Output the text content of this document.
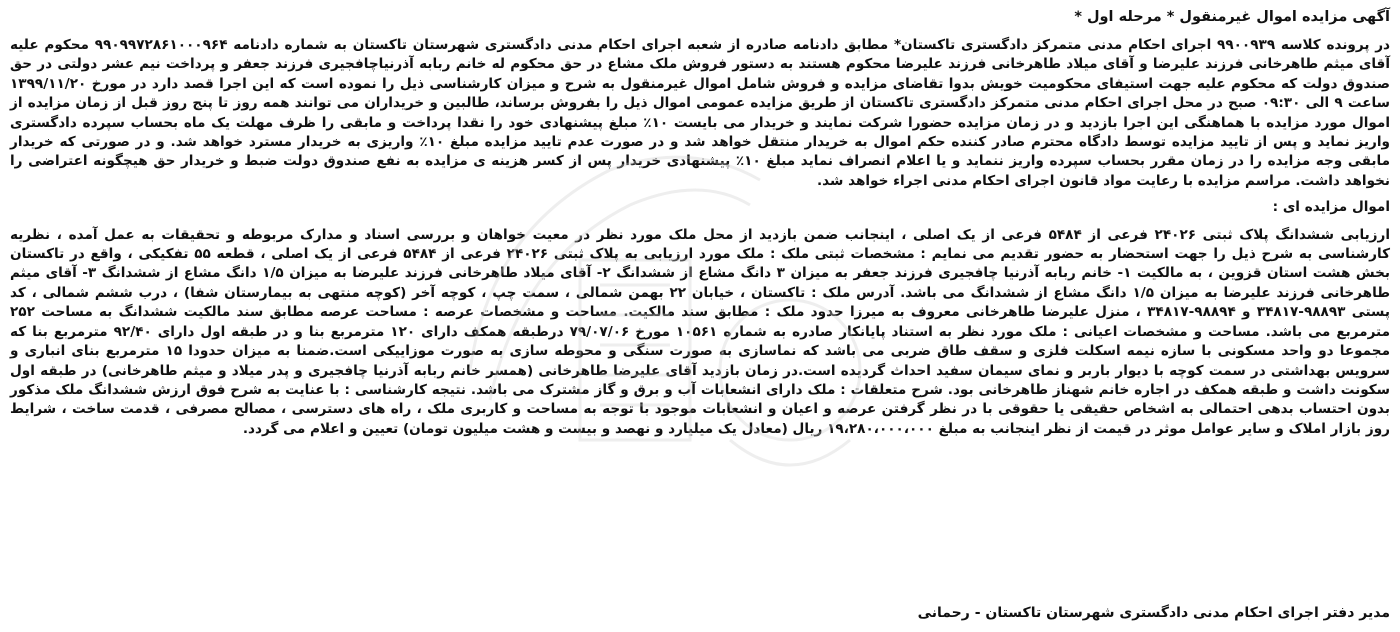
آگهی مزایده اموال غیرمنقول * مرحله اول *

در پرونده کلاسه ۹۹۰۰۹۳۹ اجرای احکام مدنی متمرکز دادگستری تاکستان* مطابق دادنامه صادره از شعبه اجرای احکام مدنی دادگستری شهرستان تاکستان به شماره دادنامه ۹۹۰۹۹۷۲۸۶۱۰۰۰۹۶۴ محکوم علیه آقای میثم طاهرخانی فرزند علیرضا و آقای میلاد طاهرخانی فرزند علیرضا محکوم هستند به دستور فروش ملک مشاع در حق محکوم له خانم ربابه آذرنیاچافجیری فرزند جعفر و پرداخت نیم عشر دولتی در حق صندوق دولت که محکوم علیه جهت استیفای محکومیت خویش بدوا تقاضای مزایده و فروش شامل اموال غیرمنقول به شرح و میزان کارشناسی ذیل را نموده است که این اجرا قصد دارد در مورخ ۱۳۹۹/۱۱/۲۰ ساعت ۹ الی ۰۹:۳۰ صبح در محل اجرای احکام مدنی متمرکز دادگستری تاکستان از طریق مزایده عمومی اموال ذیل را بفروش برساند، طالبین و خریداران می توانند همه روز تا پنج روز قبل از زمان مزایده از اموال مورد مزایده با هماهنگی این اجرا بازدید و در زمان مزایده حضورا شرکت نمایند و خریدار می بایست ۱۰٪ مبلغ پیشنهادی خود را نقدا پرداخت و مابقی را ظرف مهلت یک ماه بحساب سپرده دادگستری واریز نماید و پس از تایید مزایده توسط دادگاه محترم صادر کننده حکم اموال به خریدار منتقل خواهد شد و در صورت عدم تایید مزایده مبلغ ۱۰٪ واریزی به خریدار مسترد خواهد شد. و در صورتی که خریدار مابقی وجه مزایده را در زمان مقرر بحساب سپرده واریز ننماید و یا اعلام انصراف نماید مبلغ ۱۰٪ پیشنهادی خریدار پس از کسر هزینه ی مزایده به نفع صندوق دولت ضبط و خریدار حق هیچگونه اعتراضی را نخواهد داشت. مراسم مزایده با رعایت مواد قانون اجرای احکام مدنی اجراء خواهد شد.

اموال مزایده ای :

ارزیابی ششدانگ پلاک ثبتی ۲۴۰۲۶ فرعی از ۵۴۸۴ فرعی از یک اصلی ، اینجانب ضمن بازدید از محل ملک مورد نظر در معیت خواهان و بررسی اسناد و مدارک مربوطه و تحقیقات به عمل آمده ، نظریه کارشناسی به شرح ذیل را جهت استحضار به حضور تقدیم می نمایم : مشخصات ثبتی ملک : ملک مورد ارزیابی به پلاک ثبتی ۲۴۰۲۶ فرعی از ۵۴۸۴ فرعی از یک اصلی ، قطعه ۵۵ تفکیکی ، واقع در تاکستان بخش هشت استان قزوین ، به مالکیت ۱- خانم ربابه آذرنیا چافجیری فرزند جعفر به میزان ۳ دانگ مشاع از ششدانگ ۲- آقای میلاد طاهرخانی فرزند علیرضا به میزان ۱/۵ دانگ مشاع از ششدانگ ۳- آقای میثم طاهرخانی فرزند علیرضا به میزان ۱/۵ دانگ مشاع از ششدانگ می باشد. آدرس ملک : تاکستان ، خیابان ۲۲ بهمن شمالی ، سمت چپ ، کوچه آخر (کوچه منتهی به بیمارستان شفا) ، درب ششم شمالی ، کد پستی ۹۸۸۹۳-۳۴۸۱۷ و ۹۸۸۹۴-۳۴۸۱۷ ، منزل علیرضا طاهرخانی معروف به میرزا حدود ملک : مطابق سند مالکیت. مساحت و مشخصات عرصه : مساحت عرصه مطابق سند مالکیت ششدانگ به مساحت ۲۵۲ مترمربع می باشد. مساحت و مشخصات اعیانی : ملک مورد نظر به استناد پایانکار صادره به شماره ۱۰۵۶۱ مورخ ۷۹/۰۷/۰۶ درطبقه همکف دارای ۱۲۰ مترمربع بنا و در طبقه اول دارای ۹۲/۴۰ مترمربع بنا که مجموعا دو واحد مسکونی با سازه نیمه اسکلت فلزی و سقف طاق ضربی می باشد که نماسازی به صورت سنگی و محوطه سازی به صورت موزاییکی است.ضمنا به میزان حدودا ۱۵ مترمربع بنای انباری و سرویس بهداشتی در سمت کوچه با دیوار باربر و نمای سیمان سفید احداث گردیده است.در زمان بازدید آقای علیرضا طاهرخانی (همسر خانم ربابه آذرنیا چافجیری و پدر میلاد و میثم طاهرخانی) در طبقه اول سکونت داشت و طبقه همکف در اجاره خانم شهناز طاهرخانی بود. شرح متعلقات : ملک دارای انشعابات آب و برق و گاز مشترک می باشد. نتیجه کارشناسی : با عنایت به شرح فوق ارزش ششدانگ ملک مذکور بدون احتساب بدهی احتمالی به اشخاص حقیقی یا حقوقی با در نظر گرفتن عرصه و اعیان و انشعابات موجود با توجه به مساحت و کاربری ملک ، راه های دسترسی ، مصالح مصرفی ، قدمت ساخت ، شرایط روز بازار املاک و سایر عوامل موثر در قیمت از نظر اینجانب به مبلغ ۱۹،۲۸۰،۰۰۰،۰۰۰ ریال (معادل یک میلیارد و نهصد و بیست و هشت میلیون تومان) تعیین و اعلام می گردد.

مدیر دفتر اجرای احکام مدنی دادگستری شهرستان تاکستان - رحمانی
